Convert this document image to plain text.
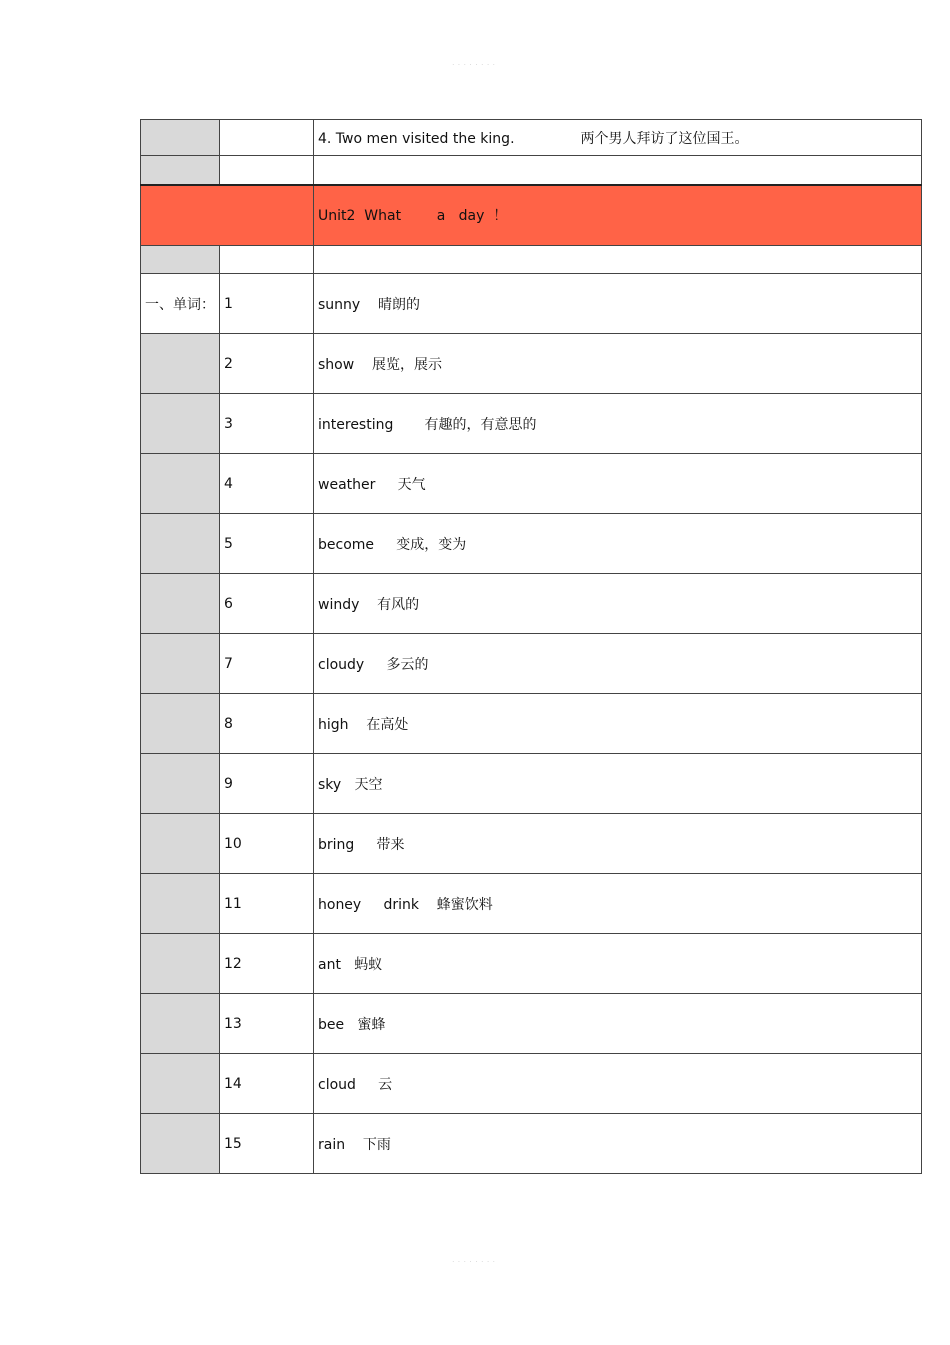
· · · · · · · ·
		4. Two men visited the king. 两个男人拜访了这位国王。

		Unit2  What        a   day  ！

一、单词：	1	sunny    晴朗的
	2	show    展览，展示
	3	interesting       有趣的，有意思的
	4	weather     天气
	5	become     变成，变为
	6	windy    有风的
	7	cloudy     多云的
	8	high    在高处
	9	sky   天空
	10	bring     带来
	11	honey     drink    蜂蜜饮料
	12	ant   蚂蚁
	13	bee   蜜蜂
	14	cloud     云
	15	rain    下雨
· · · · · · · ·
